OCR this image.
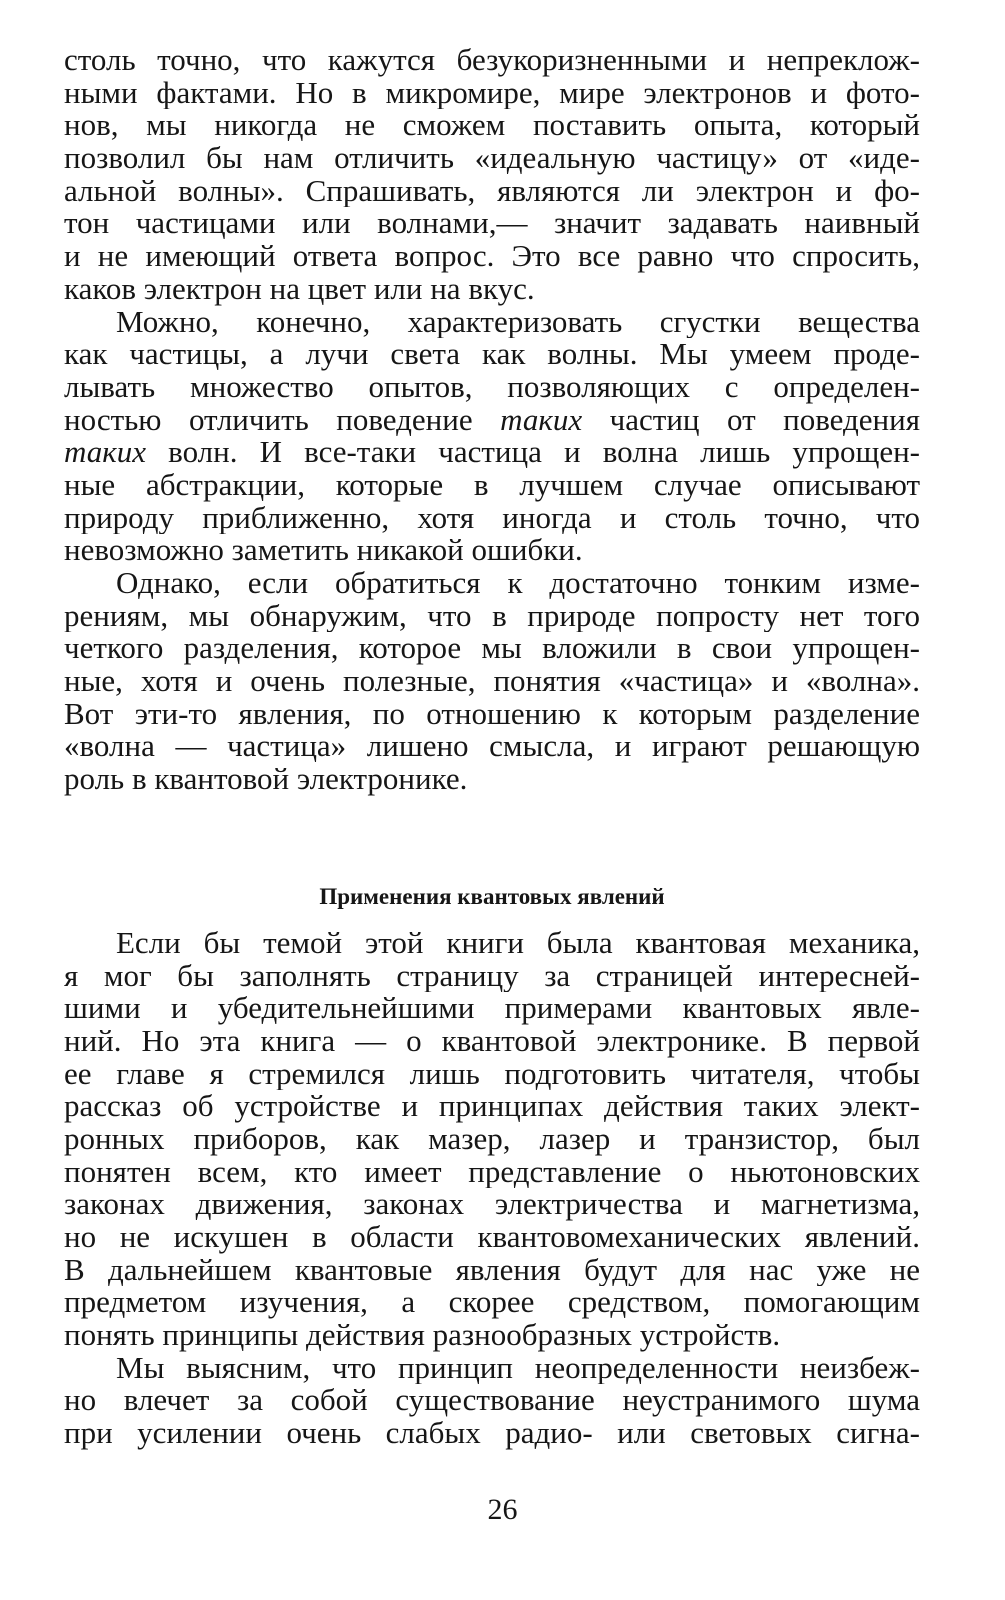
столь точно, что кажутся безукоризненными и непреклож-
ными фактами. Но в микромире, мире электронов и фото-
нов, мы никогда не сможем поставить опыта, который
позволил бы нам отличить «идеальную частицу» от «иде-
альной волны». Спрашивать, являются ли электрон и фо-
тон частицами или волнами,— значит задавать наивный
и не имеющий ответа вопрос. Это все равно что спросить,
каков электрон на цвет или на вкус.
Можно, конечно, характеризовать сгустки вещества
как частицы, а лучи света как волны. Мы умеем проде-
лывать множество опытов, позволяющих с определен-
ностью отличить поведение таких частиц от поведения
таких волн. И все-таки частица и волна лишь упрощен-
ные абстракции, которые в лучшем случае описывают
природу приближенно, хотя иногда и столь точно, что
невозможно заметить никакой ошибки.
Однако, если обратиться к достаточно тонким изме-
рениям, мы обнаружим, что в природе попросту нет того
четкого разделения, которое мы вложили в свои упрощен-
ные, хотя и очень полезные, понятия «частица» и «волна».
Вот эти-то явления, по отношению к которым разделение
«волна — частица» лишено смысла, и играют решающую
роль в квантовой электронике.
Применения квантовых явлений
Если бы темой этой книги была квантовая механика,
я мог бы заполнять страницу за страницей интересней-
шими и убедительнейшими примерами квантовых явле-
ний. Но эта книга — о квантовой электронике. В первой
ее главе я стремился лишь подготовить читателя, чтобы
рассказ об устройстве и принципах действия таких элект-
ронных приборов, как мазер, лазер и транзистор, был
понятен всем, кто имеет представление о ньютоновских
законах движения, законах электричества и магнетизма,
но не искушен в области квантовомеханических явлений.
В дальнейшем квантовые явления будут для нас уже не
предметом изучения, а скорее средством, помогающим
понять принципы действия разнообразных устройств.
Мы выясним, что принцип неопределенности неизбеж-
но влечет за собой существование неустранимого шума
при усилении очень слабых радио- или световых сигна-
26
